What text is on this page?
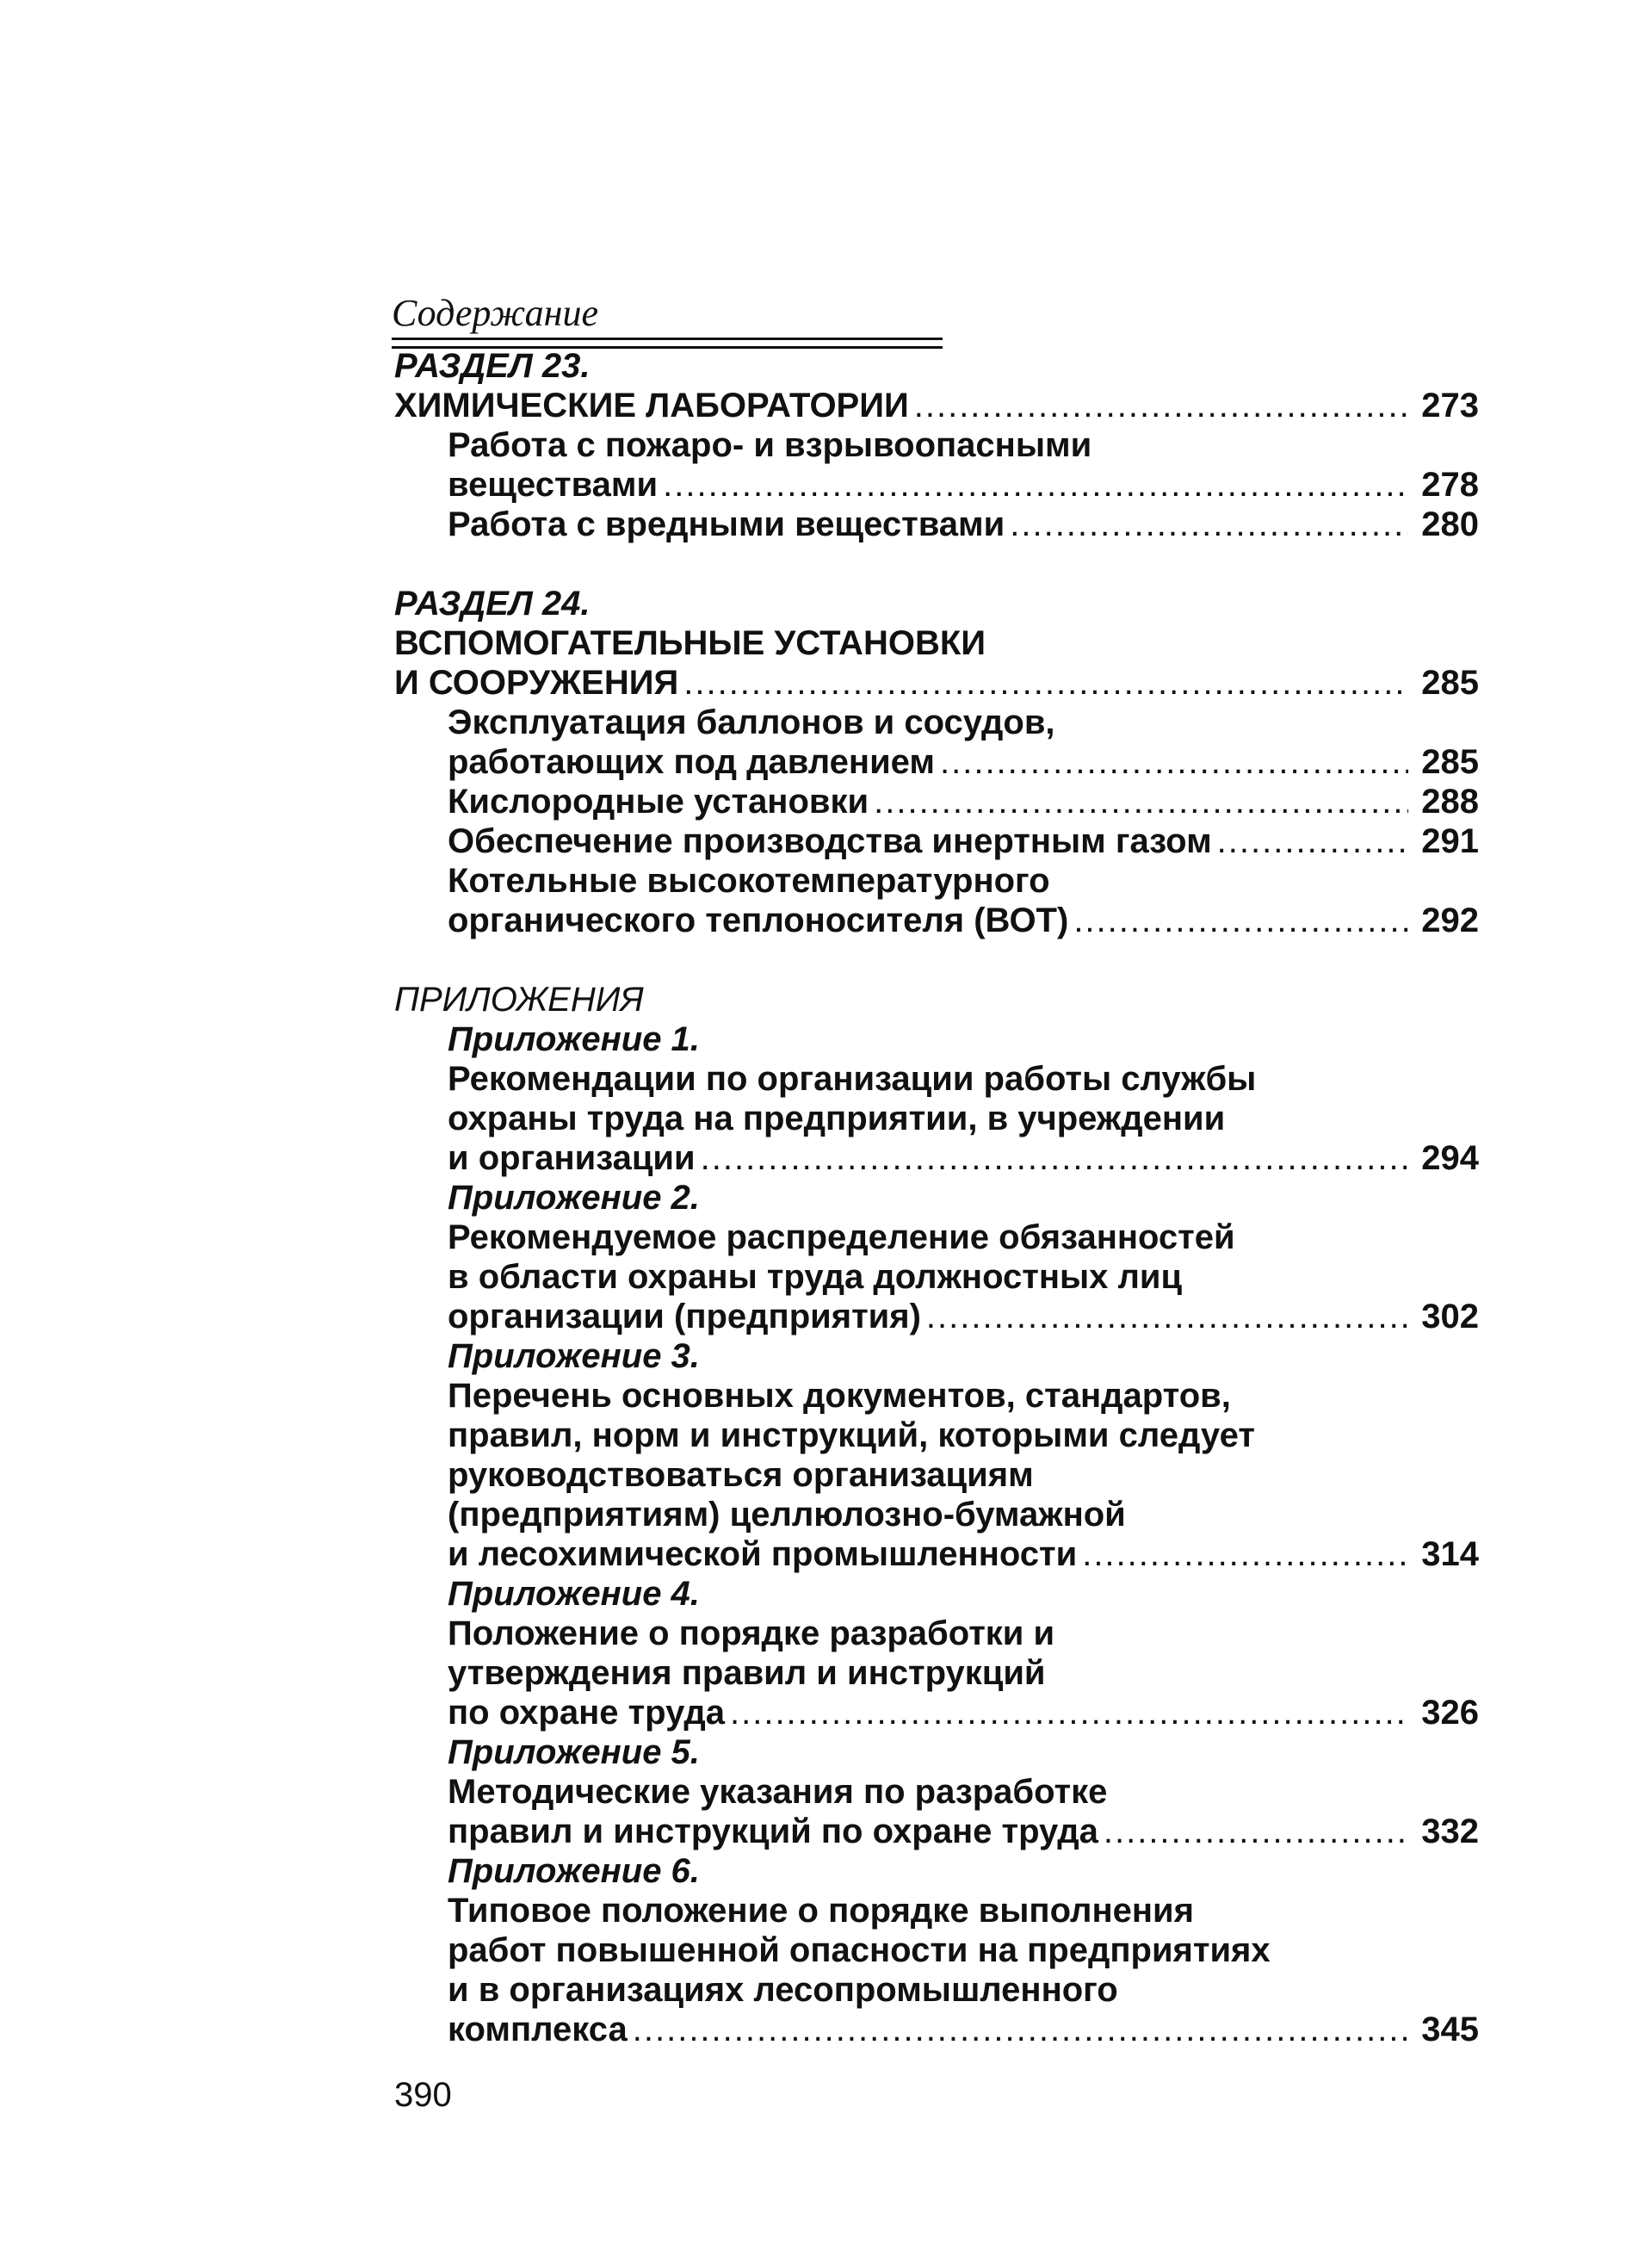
Содержание
РАЗДЕЛ 23.
ХИМИЧЕСКИЕ ЛАБОРАТОРИИ .....	273
Работа с пожаро- и взрывоопасными
веществами .....	278
Работа с вредными веществами .....	280
РАЗДЕЛ 24.
ВСПОМОГАТЕЛЬНЫЕ УСТАНОВКИ
И СООРУЖЕНИЯ .....	285
Эксплуатация баллонов и сосудов,
работающих под давлением .....	285
Кислородные установки .....	288
Обеспечение производства инертным газом .....	291
Котельные высокотемпературного
органического теплоносителя (ВОТ) .....	292
ПРИЛОЖЕНИЯ
Приложение 1.
Рекомендации по организации работы службы
охраны труда на предприятии, в учреждении
и организации .....	294
Приложение 2.
Рекомендуемое распределение обязанностей
в области охраны труда должностных лиц
организации (предприятия) .....	302
Приложение 3.
Перечень основных документов, стандартов,
правил, норм и инструкций, которыми следует
руководствоваться организациям
(предприятиям) целлюлозно-бумажной
и лесохимической промышленности .....	314
Приложение 4.
Положение о порядке разработки и
утверждения правил и инструкций
по охране труда .....	326
Приложение 5.
Методические указания по разработке
правил и инструкций по охране труда .....	332
Приложение 6.
Типовое положение о порядке выполнения
работ повышенной опасности на предприятиях
и в организациях лесопромышленного
комплекса .....	345
390
